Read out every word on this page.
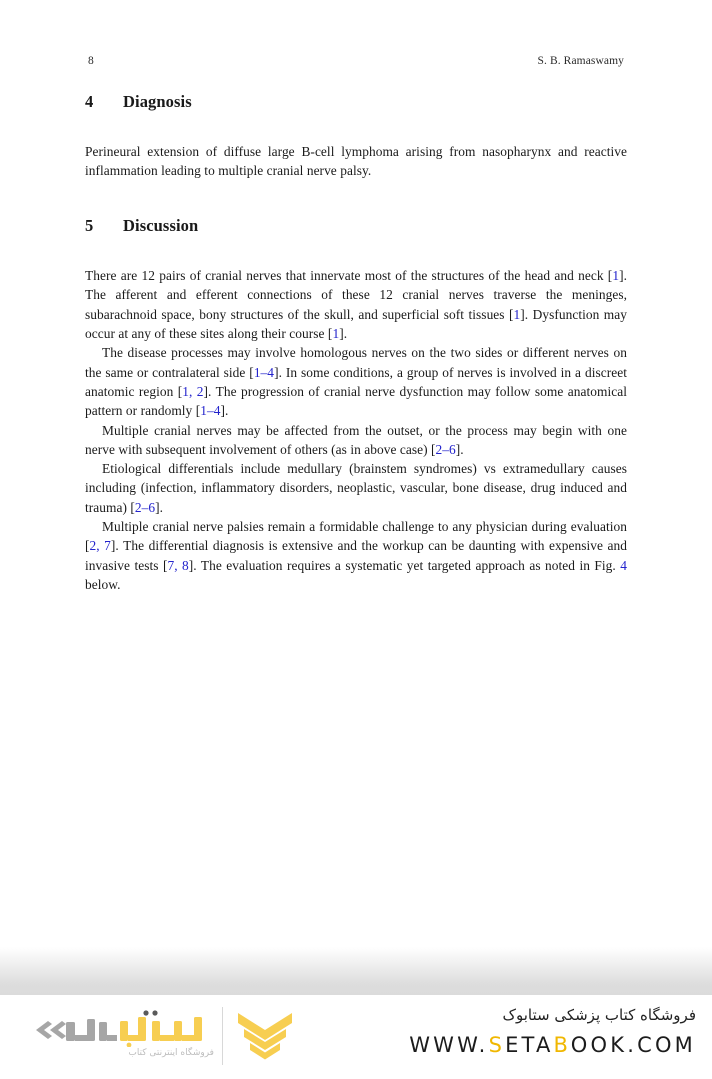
8	S. B. Ramaswamy
4	Diagnosis

Perineural extension of diffuse large B-cell lymphoma arising from nasopharynx and reactive inflammation leading to multiple cranial nerve palsy.

5	Discussion

There are 12 pairs of cranial nerves that innervate most of the structures of the head and neck [1]. The afferent and efferent connections of these 12 cranial nerves traverse the meninges, subarachnoid space, bony structures of the skull, and superficial soft tissues [1]. Dysfunction may occur at any of these sites along their course [1].

The disease processes may involve homologous nerves on the two sides or different nerves on the same or contralateral side [1–4]. In some conditions, a group of nerves is involved in a discreet anatomic region [1, 2]. The progression of cranial nerve dysfunction may follow some anatomical pattern or randomly [1–4].

Multiple cranial nerves may be affected from the outset, or the process may begin with one nerve with subsequent involvement of others (as in above case) [2–6].

Etiological differentials include medullary (brainstem syndromes) vs extramedullary causes including (infection, inflammatory disorders, neoplastic, vascular, bone disease, drug induced and trauma) [2–6].

Multiple cranial nerve palsies remain a formidable challenge to any physician during evaluation [2, 7]. The differential diagnosis is extensive and the workup can be daunting with expensive and invasive tests [7, 8]. The evaluation requires a systematic yet targeted approach as noted in Fig. 4 below.

فروشگاه اینترنتی کتاب
فروشگاه کتاب پزشکی ستابوک
WWW.SETABOOK.COM
